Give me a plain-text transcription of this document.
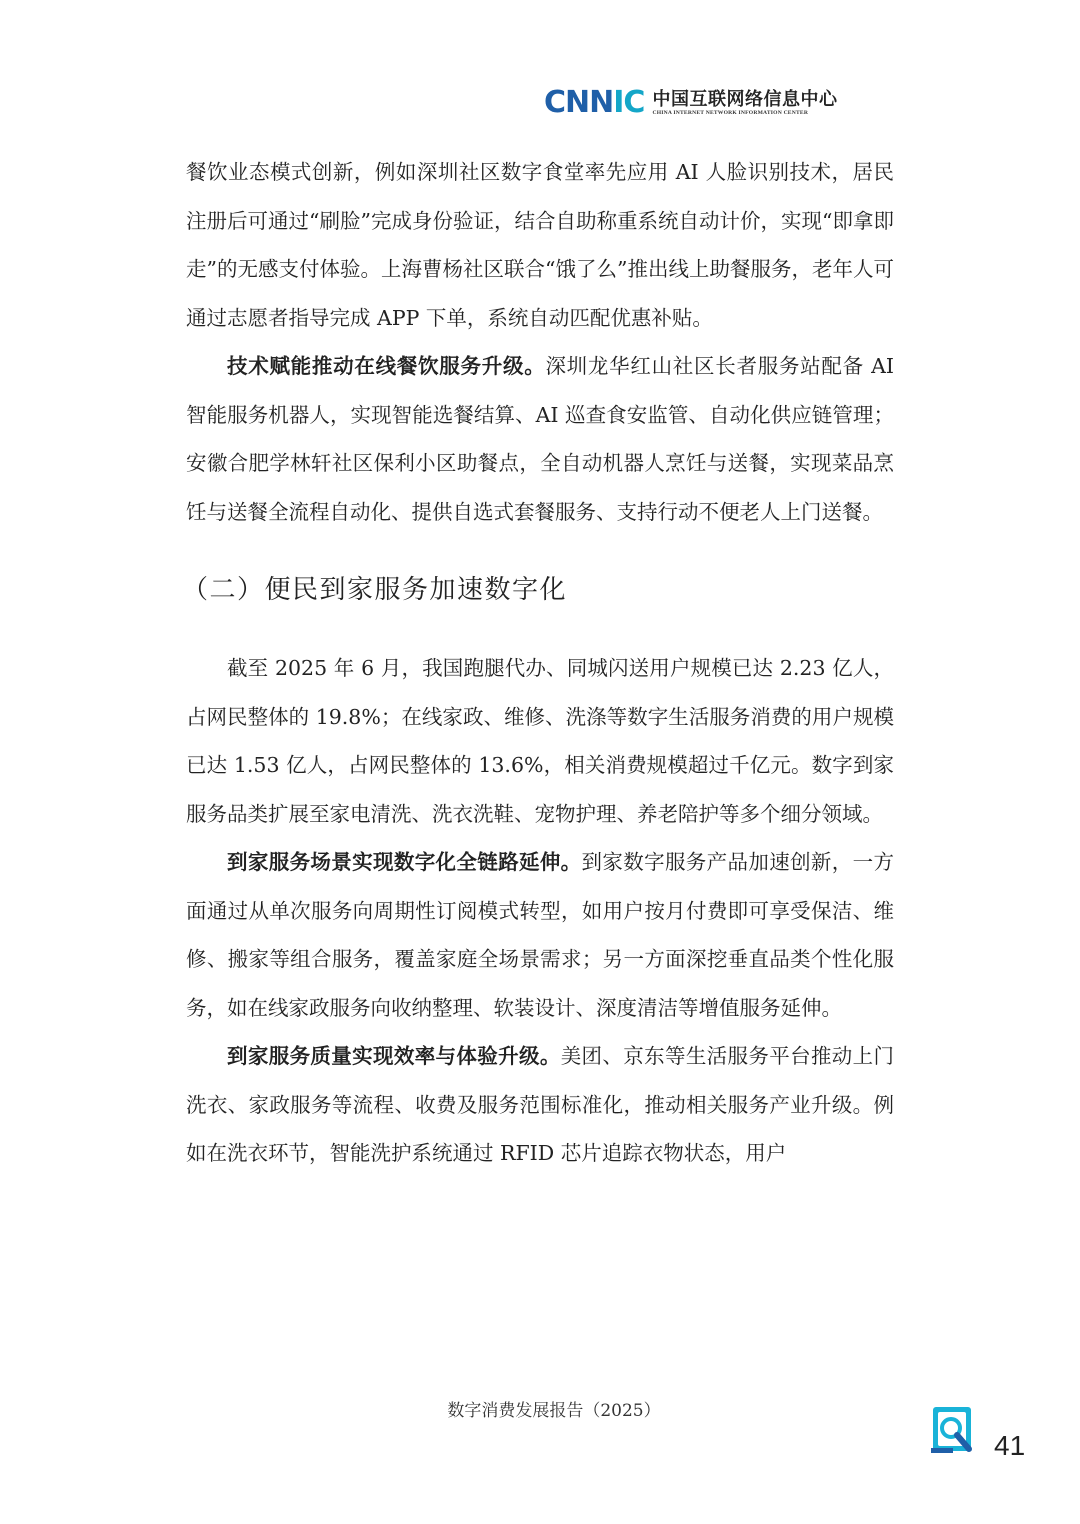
CNNIC 中国互联网络信息中心
CHINA INTERNET NETWORK INFORMATION CENTER

餐饮业态模式创新，例如深圳社区数字食堂率先应用 AI 人脸识别技术，居民注册后可通过“刷脸”完成身份验证，结合自助称重系统自动计价，实现“即拿即走”的无感支付体验。上海曹杨社区联合“饿了么”推出线上助餐服务，老年人可通过志愿者指导完成 APP 下单，系统自动匹配优惠补贴。

技术赋能推动在线餐饮服务升级。深圳龙华红山社区长者服务站配备 AI 智能服务机器人，实现智能选餐结算、AI 巡查食安监管、自动化供应链管理；安徽合肥学林轩社区保利小区助餐点，全自动机器人烹饪与送餐，实现菜品烹饪与送餐全流程自动化、提供自选式套餐服务、支持行动不便老人上门送餐。

（二）便民到家服务加速数字化

截至 2025 年 6 月，我国跑腿代办、同城闪送用户规模已达 2.23 亿人，占网民整体的 19.8%；在线家政、维修、洗涤等数字生活服务消费的用户规模已达 1.53 亿人，占网民整体的 13.6%，相关消费规模超过千亿元。数字到家服务品类扩展至家电清洗、洗衣洗鞋、宠物护理、养老陪护等多个细分领域。

到家服务场景实现数字化全链路延伸。到家数字服务产品加速创新，一方面通过从单次服务向周期性订阅模式转型，如用户按月付费即可享受保洁、维修、搬家等组合服务，覆盖家庭全场景需求；另一方面深挖垂直品类个性化服务，如在线家政服务向收纳整理、软装设计、深度清洁等增值服务延伸。

到家服务质量实现效率与体验升级。美团、京东等生活服务平台推动上门洗衣、家政服务等流程、收费及服务范围标准化，推动相关服务产业升级。例如在洗衣环节，智能洗护系统通过 RFID 芯片追踪衣物状态，用户

数字消费发展报告（2025）
41
